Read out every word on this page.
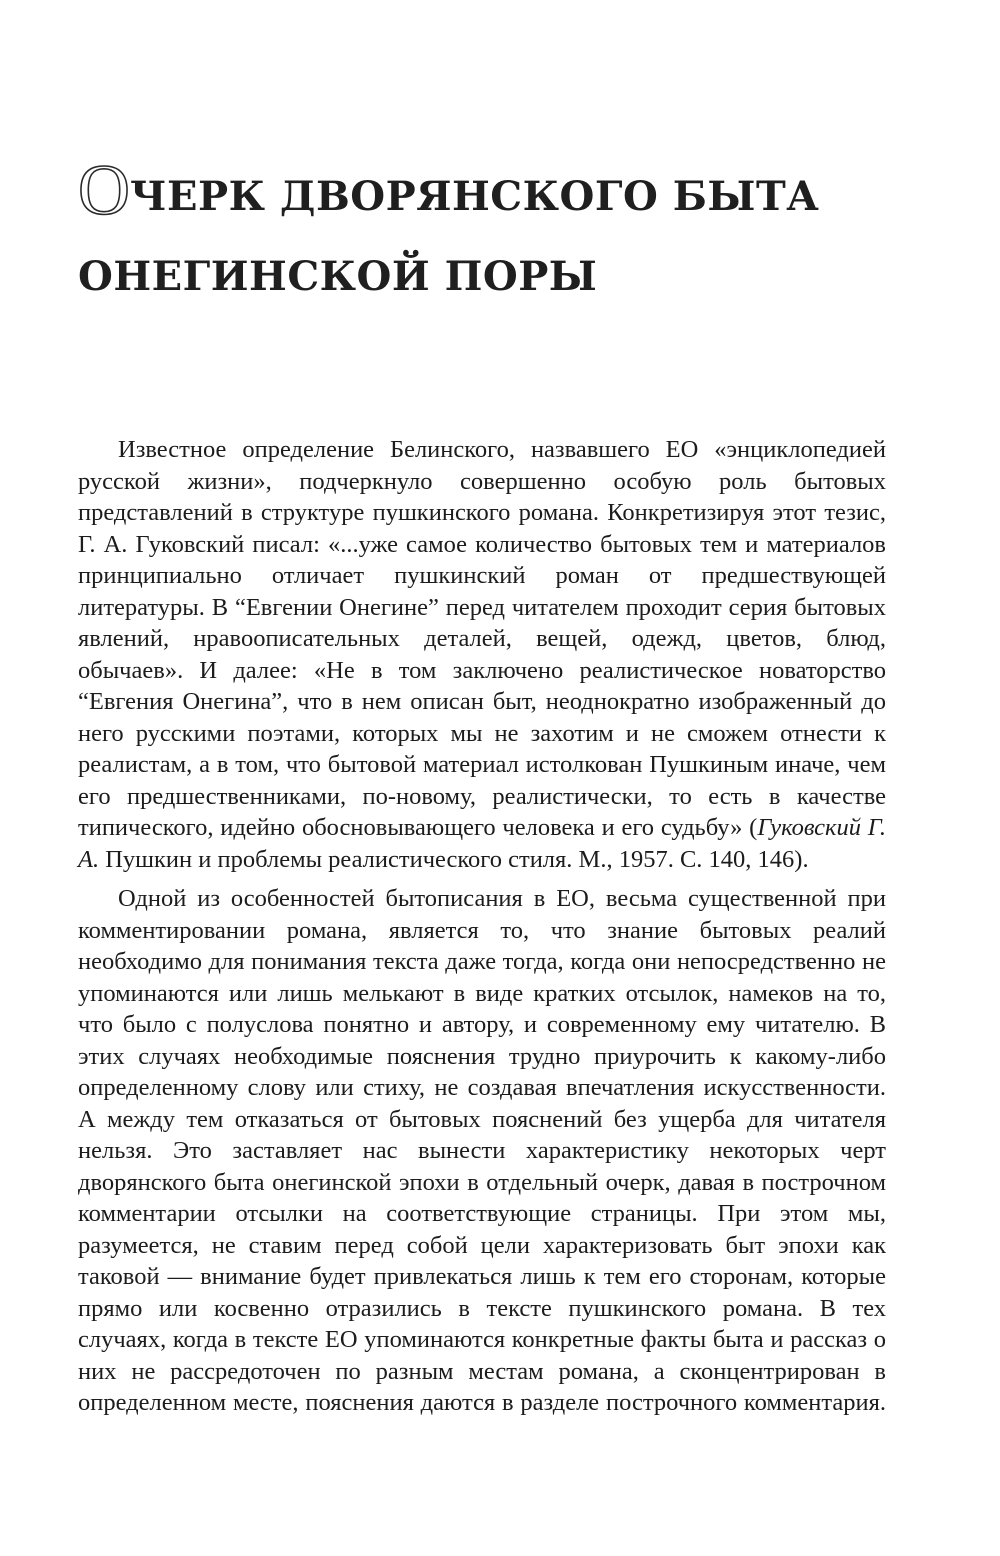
ОЧЕРК ДВОРЯНСКОГО БЫТА
ОНЕГИНСКОЙ ПОРЫ

Известное определение Белинского, назвавшего ЕО «энциклопедией русской жизни», подчеркнуло совершенно особую роль бытовых представлений в структуре пушкинского романа. Конкретизируя этот тезис, Г. А. Гуковский писал: «...уже самое количество бытовых тем и материалов принципиально отличает пушкинский роман от предшествующей литературы. В “Евгении Онегине” перед читателем проходит серия бытовых явлений, нравоописательных деталей, вещей, одежд, цветов, блюд, обычаев». И далее: «Не в том заключено реалистическое новаторство “Евгения Онегина”, что в нем описан быт, неоднократно изображенный до него русскими поэтами, которых мы не захотим и не сможем отнести к реалистам, а в том, что бытовой материал истолкован Пушкиным иначе, чем его предшественниками, по-новому, реалистически, то есть в качестве типического, идейно обосновывающего человека и его судьбу» (Гуковский Г. А. Пушкин и проблемы реалистического стиля. М., 1957. С. 140, 146).

Одной из особенностей бытописания в ЕО, весьма существенной при комментировании романа, является то, что знание бытовых реалий необходимо для понимания текста даже тогда, когда они непосредственно не упоминаются или лишь мелькают в виде кратких отсылок, намеков на то, что было с полуслова понятно и автору, и современному ему читателю. В этих случаях необходимые пояснения трудно приурочить к какому-либо определенному слову или стиху, не создавая впечатления искусственности. А между тем отказаться от бытовых пояснений без ущерба для читателя нельзя. Это заставляет нас вынести характеристику некоторых черт дворянского быта онегинской эпохи в отдельный очерк, давая в построчном комментарии отсылки на соответствующие страницы. При этом мы, разумеется, не ставим перед собой цели характеризовать быт эпохи как таковой — внимание будет привлекаться лишь к тем его сторонам, которые прямо или косвенно отразились в тексте пушкинского романа. В тех случаях, когда в тексте ЕО упоминаются конкретные факты быта и рассказ о них не рассредоточен по разным местам романа, а сконцентрирован в определенном месте, пояснения даются в разделе построчного комментария.
